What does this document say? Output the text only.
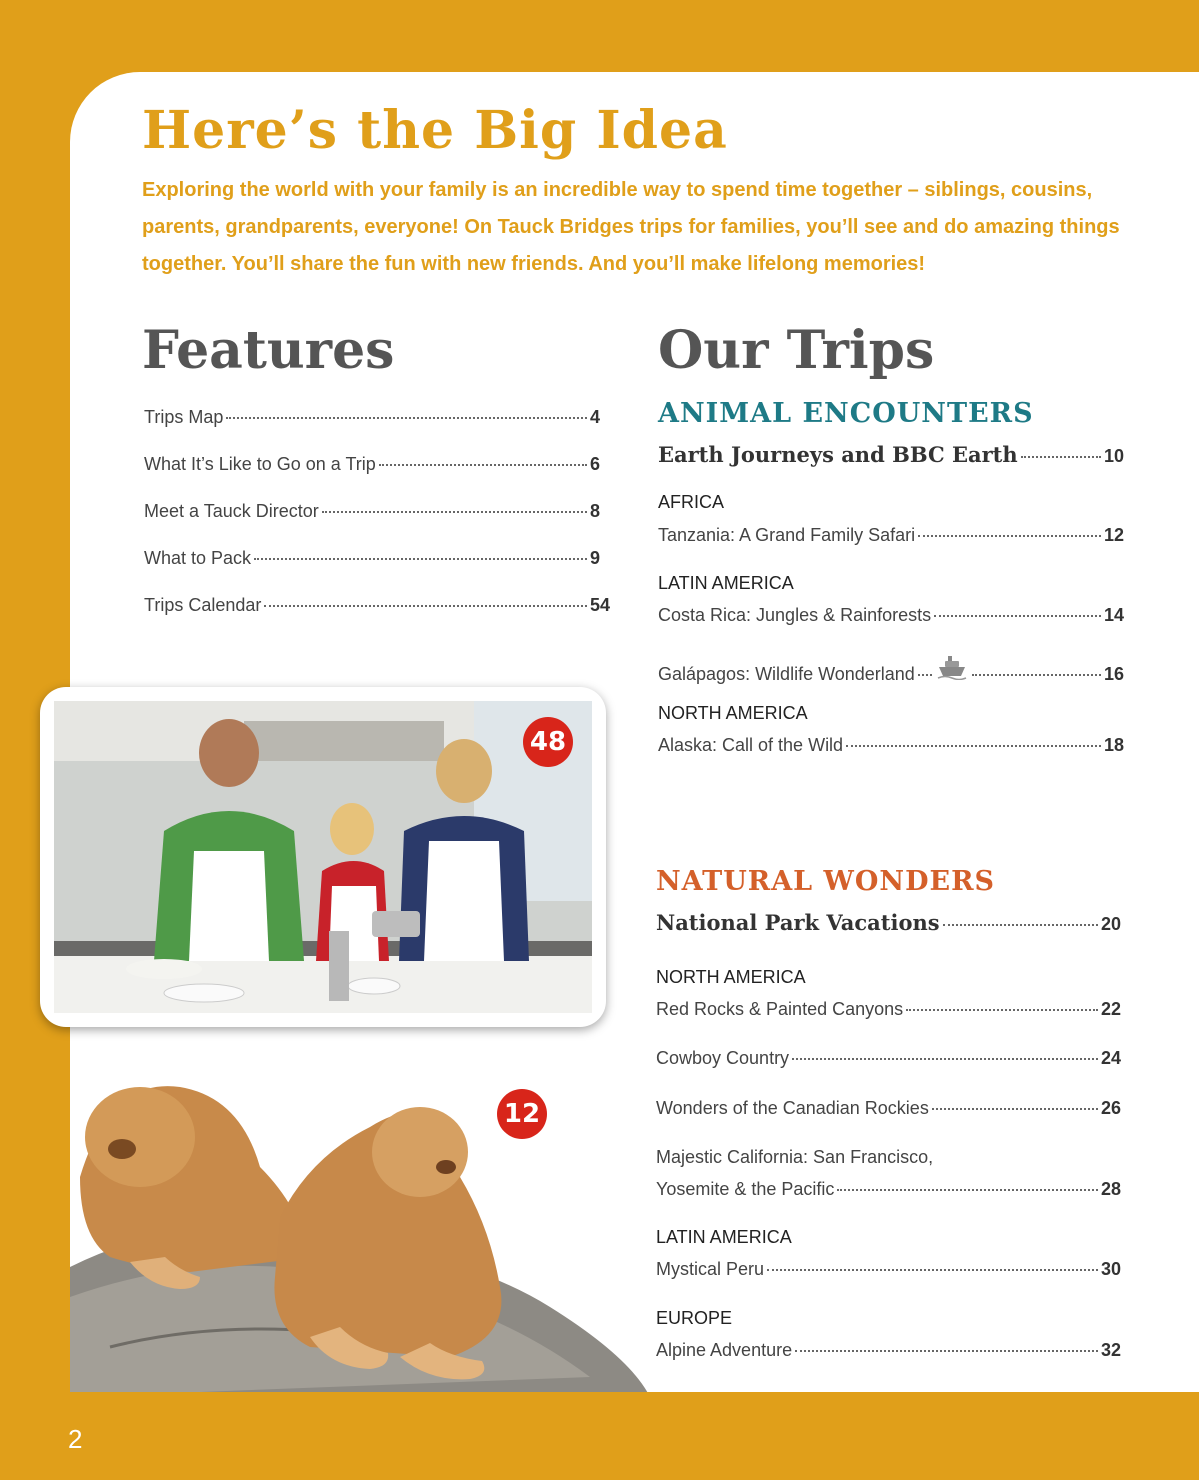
Here’s the Big Idea

Exploring the world with your family is an incredible way to spend time together – siblings, cousins, parents, grandparents, everyone! On Tauck Bridges trips for families, you’ll see and do amazing things together. You’ll share the fun with new friends. And you’ll make lifelong memories!

Features
Trips Map	4
What It’s Like to Go on a Trip	6
Meet a Tauck Director	8
What to Pack	9
Trips Calendar	54
Our Trips
ANIMAL ENCOUNTERS
Earth Journeys and BBC Earth	10

AFRICA

Tanzania: A Grand Family Safari	12

LATIN AMERICA

Costa Rica: Jungles & Rainforests	14
Galápagos: Wildlife Wonderland	16

NORTH AMERICA

Alaska: Call of the Wild	18
NATURAL WONDERS
National Park Vacations	20

NORTH AMERICA

Red Rocks & Painted Canyons	22
Cowboy Country	24
Wonders of the Canadian Rockies	26

Majestic California: San Francisco,

Yosemite & the Pacific	28

LATIN AMERICA

Mystical Peru	30

EUROPE

Alpine Adventure	32
12
48
2
